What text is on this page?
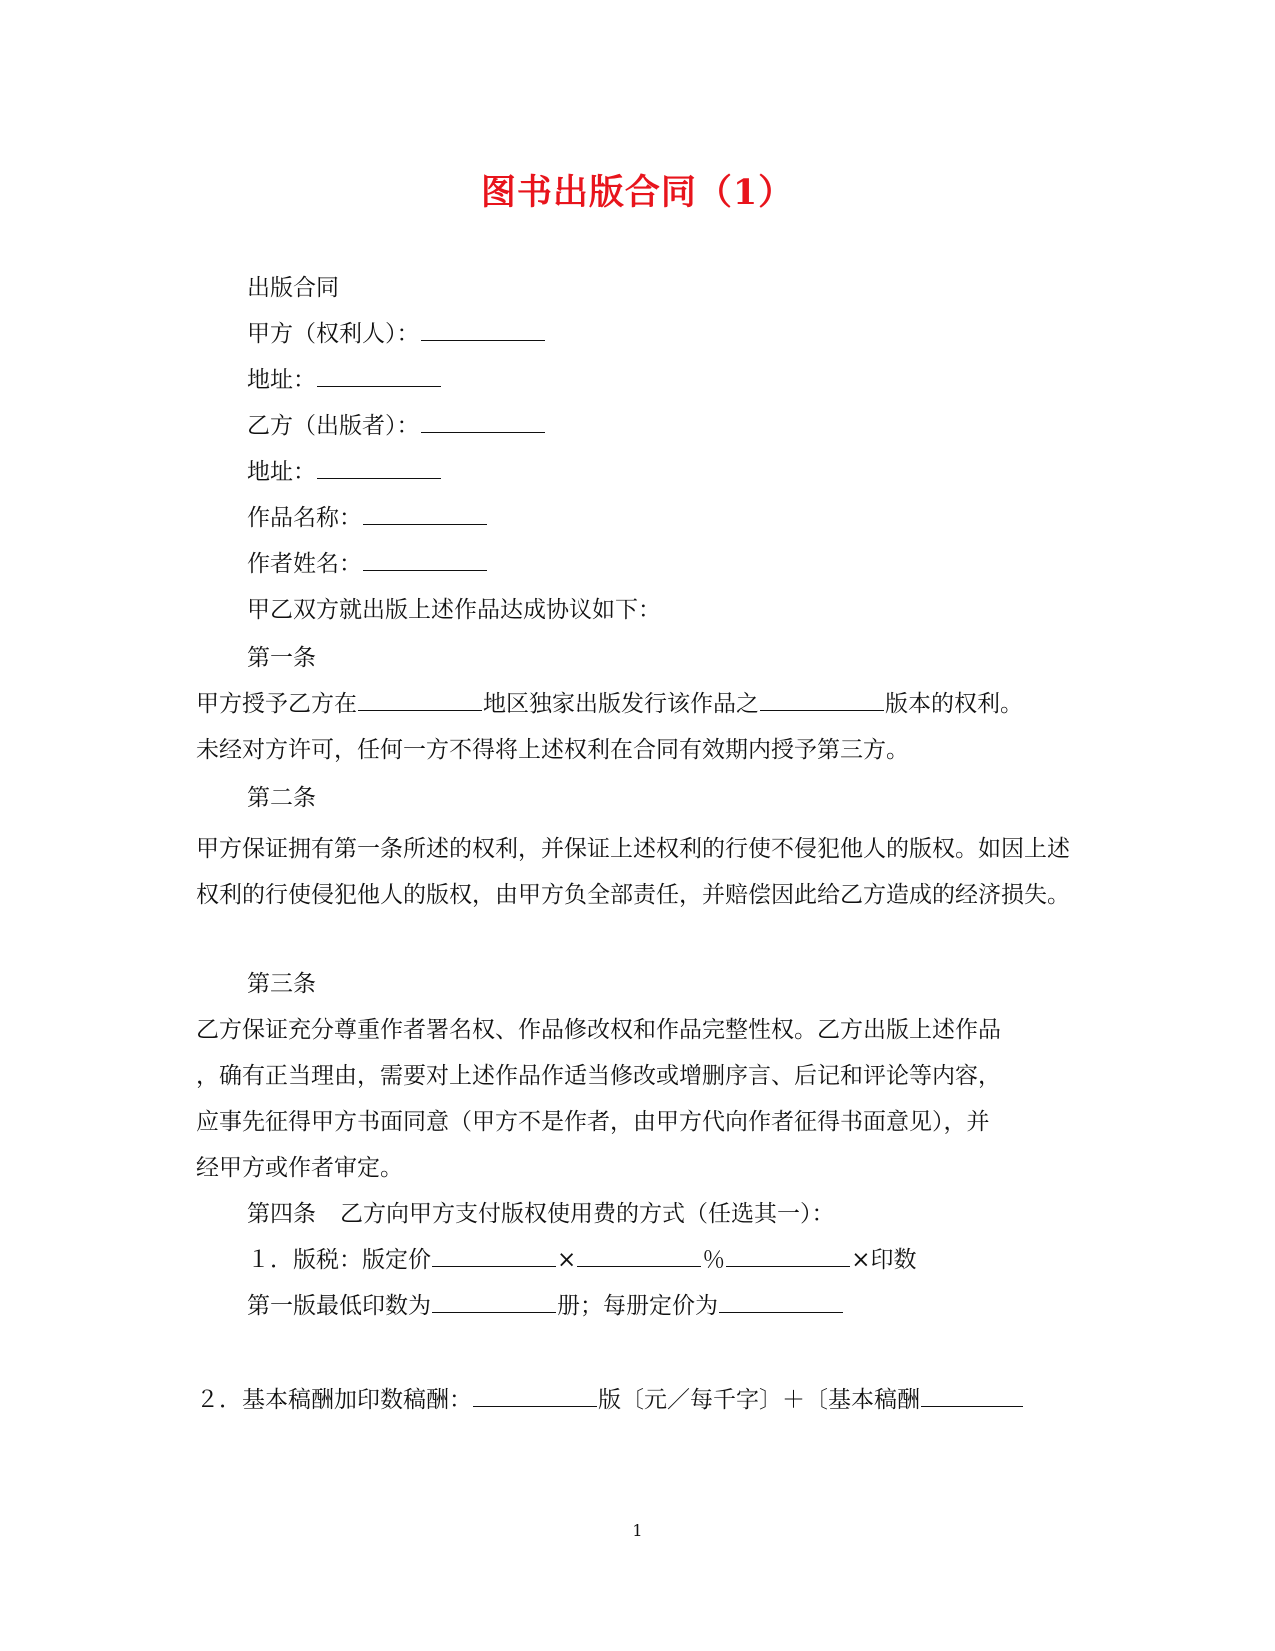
图书出版合同（1）
出版合同
甲方（权利人）：
地址：
乙方（出版者）：
地址：
作品名称：
作者姓名：
甲乙双方就出版上述作品达成协议如下：
第一条
甲方授予乙方在	地区独家出版发行该作品之	版本的权利。
未经对方许可，任何一方不得将上述权利在合同有效期内授予第三方。
第二条
甲方保证拥有第一条所述的权利，并保证上述权利的行使不侵犯他人的版权。如因上述权利的行使侵犯他人的版权，由甲方负全部责任，并赔偿因此给乙方造成的经济损失。
第三条
乙方保证充分尊重作者署名权、作品修改权和作品完整性权。乙方出版上述作品
，确有正当理由，需要对上述作品作适当修改或增删序言、后记和评论等内容，
应事先征得甲方书面同意（甲方不是作者，由甲方代向作者征得书面意见），并
经甲方或作者审定。
第四条 乙方向甲方支付版权使用费的方式（任选其一）：
１．版税：版定价	×	％	×印数
第一版最低印数为	册；每册定价为
２．基本稿酬加印数稿酬：	版〔元／每千字〕＋〔基本稿酬
1
